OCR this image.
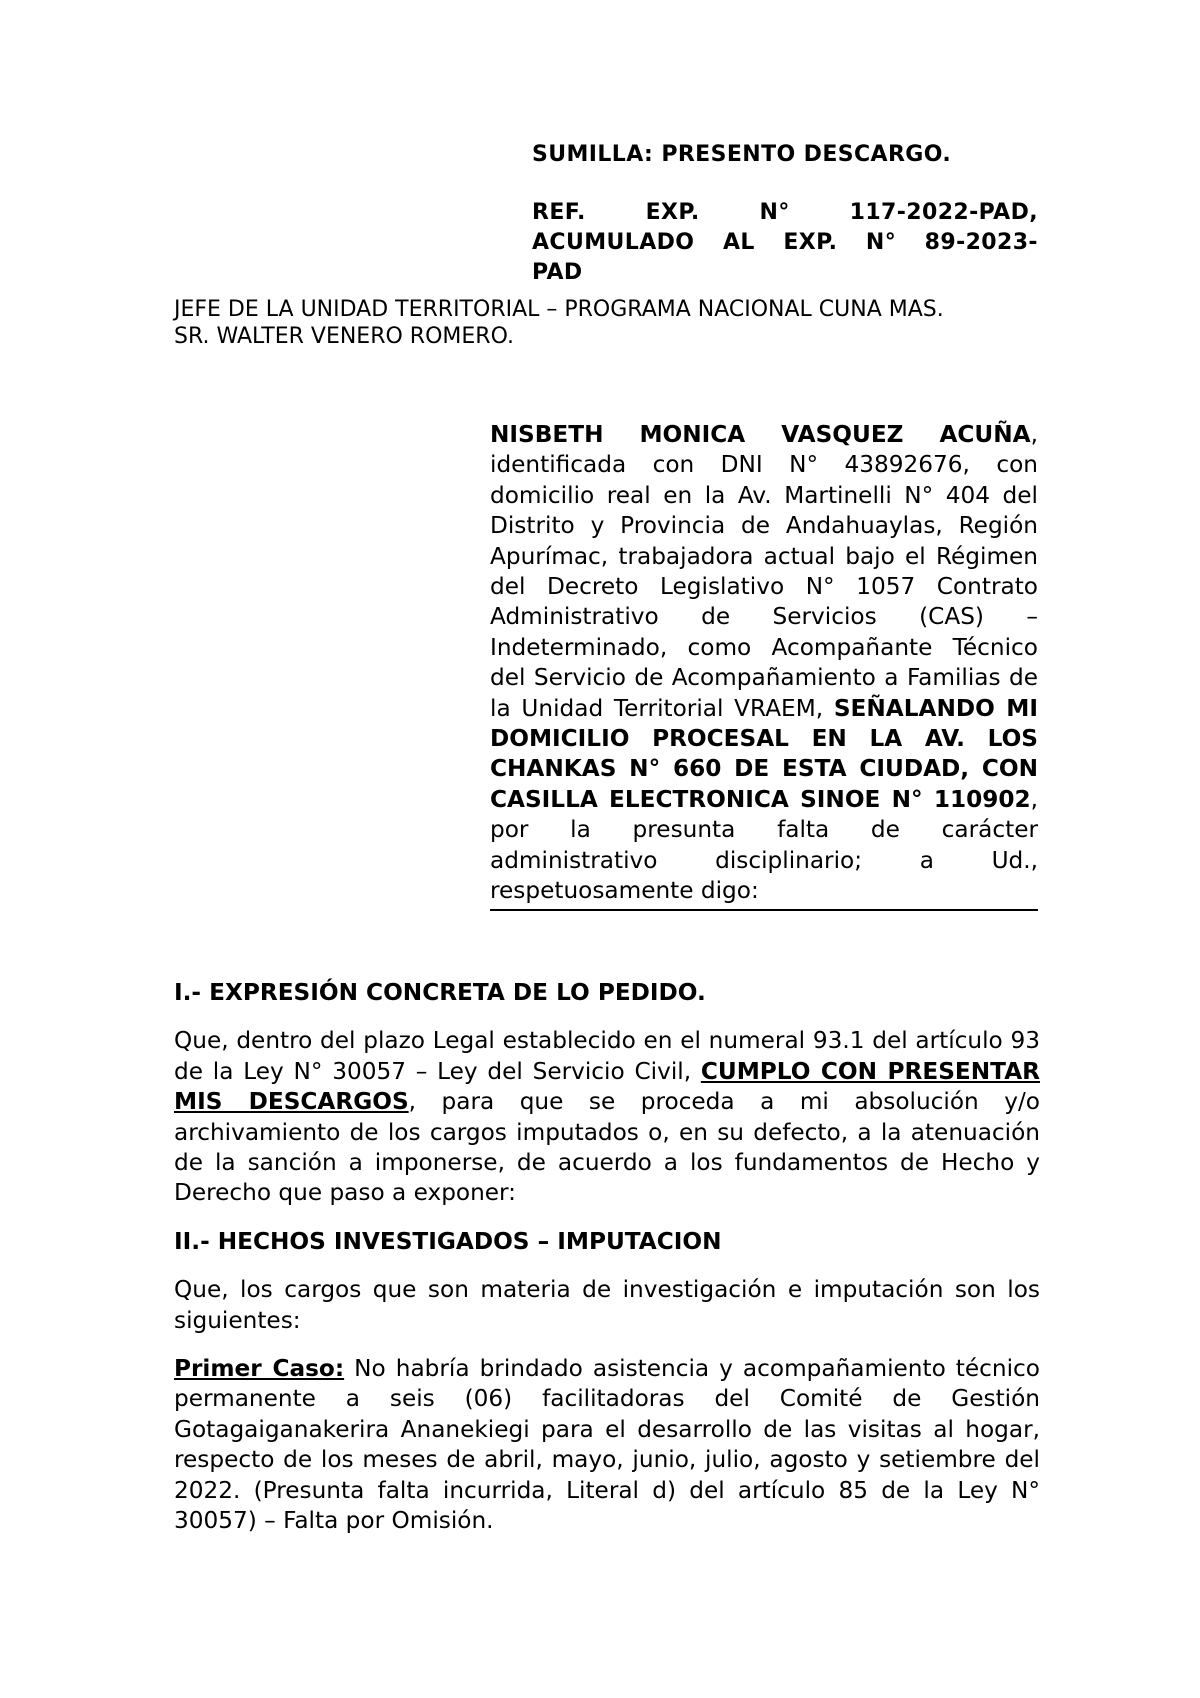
SUMILLA: PRESENTO DESCARGO.

REF.	EXP.	N°	117-2022-PAD,
ACUMULADO AL EXP. N° 89-2023-
PAD

JEFE DE LA UNIDAD TERRITORIAL – PROGRAMA NACIONAL CUNA MAS.

SR. WALTER VENERO ROMERO.

NISBETH MONICA VASQUEZ ACUÑA, identificada con DNI N° 43892676, con domicilio real en la Av. Martinelli N° 404 del Distrito y Provincia de Andahuaylas, Región Apurímac, trabajadora actual bajo el Régimen del Decreto Legislativo N° 1057 Contrato Administrativo de Servicios (CAS) – Indeterminado, como Acompañante Técnico del Servicio de Acompañamiento a Familias de la Unidad Territorial VRAEM, SEÑALANDO MI DOMICILIO PROCESAL EN LA AV. LOS CHANKAS N° 660 DE ESTA CIUDAD, CON CASILLA ELECTRONICA SINOE N° 110902, por la presunta falta de carácter administrativo disciplinario; a Ud., respetuosamente digo:

I.- EXPRESIÓN CONCRETA DE LO PEDIDO.

Que, dentro del plazo Legal establecido en el numeral 93.1 del artículo 93 de la Ley N° 30057 – Ley del Servicio Civil, CUMPLO CON PRESENTAR MIS DESCARGOS, para que se proceda a mi absolución y/o archivamiento de los cargos imputados o, en su defecto, a la atenuación de la sanción a imponerse, de acuerdo a los fundamentos de Hecho y Derecho que paso a exponer:

II.- HECHOS INVESTIGADOS – IMPUTACION

Que, los cargos que son materia de investigación e imputación son los siguientes:

Primer Caso: No habría brindado asistencia y acompañamiento técnico permanente a seis (06) facilitadoras del Comité de Gestión Gotagaiganakerira Ananekiegi para el desarrollo de las visitas al hogar, respecto de los meses de abril, mayo, junio, julio, agosto y setiembre del 2022. (Presunta falta incurrida, Literal d) del artículo 85 de la Ley N° 30057) – Falta por Omisión.
